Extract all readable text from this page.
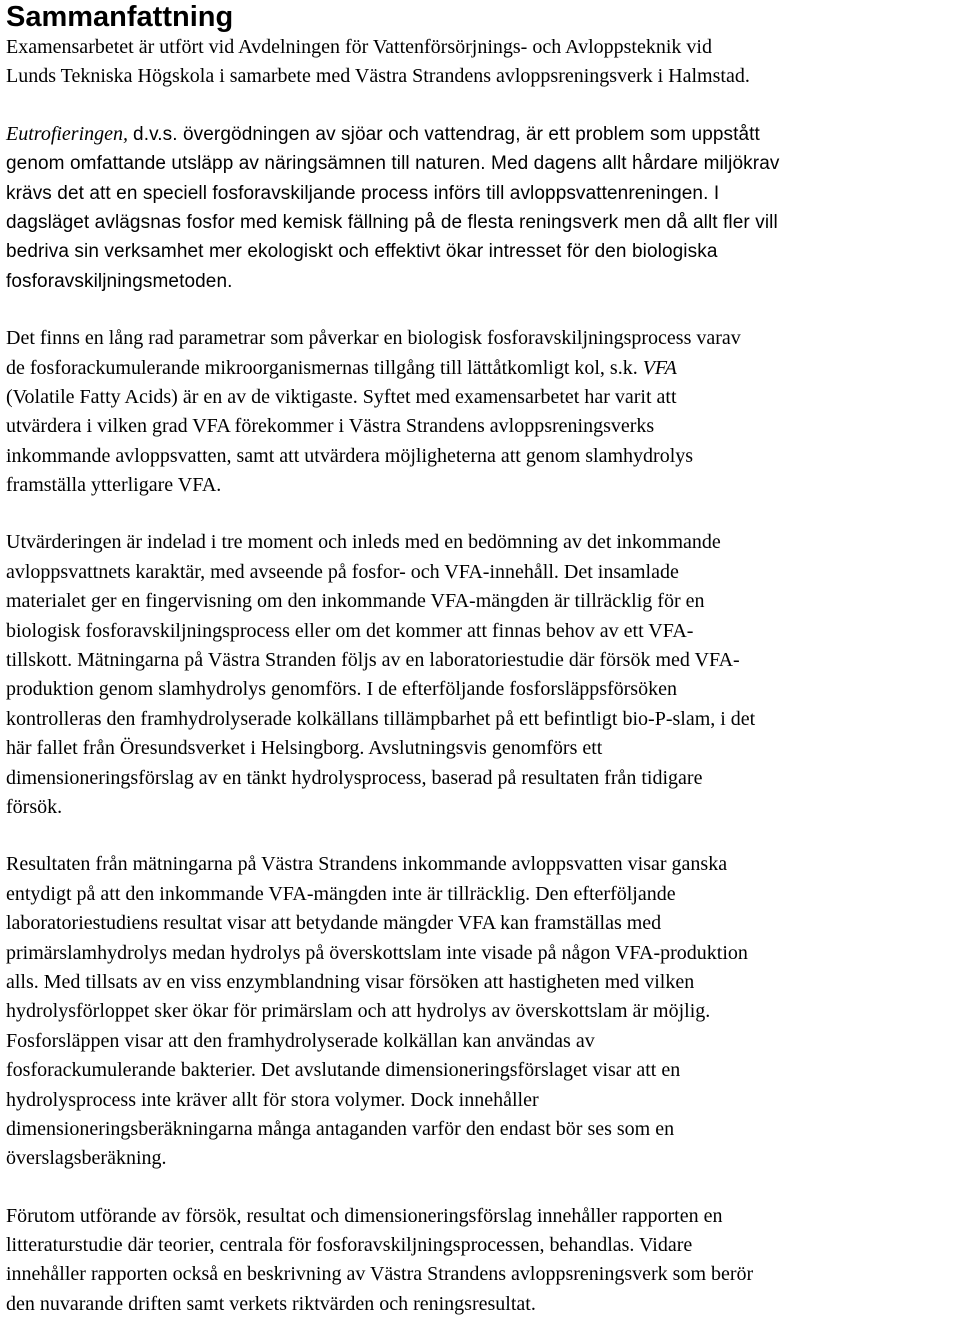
Sammanfattning

Examensarbetet är utfört vid Avdelningen för Vattenförsörjnings- och Avloppsteknik vid
Lunds Tekniska Högskola i samarbete med Västra Strandens avloppsreningsverk i Halmstad.

Eutrofieringen, d.v.s. övergödningen av sjöar och vattendrag, är ett problem som uppstått
genom omfattande utsläpp av näringsämnen till naturen. Med dagens allt hårdare miljökrav
krävs det att en speciell fosforavskiljande process införs till avloppsvattenreningen. I
dagsläget avlägsnas fosfor med kemisk fällning på de flesta reningsverk men då allt fler vill
bedriva sin verksamhet mer ekologiskt och effektivt ökar intresset för den biologiska
fosforavskiljningsmetoden.

Det finns en lång rad parametrar som påverkar en biologisk fosforavskiljningsprocess varav
de fosforackumulerande mikroorganismernas tillgång till lättåtkomligt kol, s.k. VFA
(Volatile Fatty Acids) är en av de viktigaste. Syftet med examensarbetet har varit att
utvärdera i vilken grad VFA förekommer i Västra Strandens avloppsreningsverks
inkommande avloppsvatten, samt att utvärdera möjligheterna att genom slamhydrolys
framställa ytterligare VFA.

Utvärderingen är indelad i tre moment och inleds med en bedömning av det inkommande
avloppsvattnets karaktär, med avseende på fosfor- och VFA-innehåll. Det insamlade
materialet ger en fingervisning om den inkommande VFA-mängden är tillräcklig för en
biologisk fosforavskiljningsprocess eller om det kommer att finnas behov av ett VFA-
tillskott. Mätningarna på Västra Stranden följs av en laboratoriestudie där försök med VFA-
produktion genom slamhydrolys genomförs. I de efterföljande fosforsläppsförsöken
kontrolleras den framhydrolyserade kolkällans tillämpbarhet på ett befintligt bio-P-slam, i det
här fallet från Öresundsverket i Helsingborg. Avslutningsvis genomförs ett
dimensioneringsförslag av en tänkt hydrolysprocess, baserad på resultaten från tidigare
försök.

Resultaten från mätningarna på Västra Strandens inkommande avloppsvatten visar ganska
entydigt på att den inkommande VFA-mängden inte är tillräcklig. Den efterföljande
laboratoriestudiens resultat visar att betydande mängder VFA kan framställas med
primärslamhydrolys medan hydrolys på överskottslam inte visade på någon VFA-produktion
alls. Med tillsats av en viss enzymblandning visar försöken att hastigheten med vilken
hydrolysförloppet sker ökar för primärslam och att hydrolys av överskottslam är möjlig.
Fosforsläppen visar att den framhydrolyserade kolkällan kan användas av
fosforackumulerande bakterier. Det avslutande dimensioneringsförslaget visar att en
hydrolysprocess inte kräver allt för stora volymer. Dock innehåller
dimensioneringsberäkningarna många antaganden varför den endast bör ses som en
överslagsberäkning.

Förutom utförande av försök, resultat och dimensioneringsförslag innehåller rapporten en
litteraturstudie där teorier, centrala för fosforavskiljningsprocessen, behandlas. Vidare
innehåller rapporten också en beskrivning av Västra Strandens avloppsreningsverk som berör
den nuvarande driften samt verkets riktvärden och reningsresultat.
